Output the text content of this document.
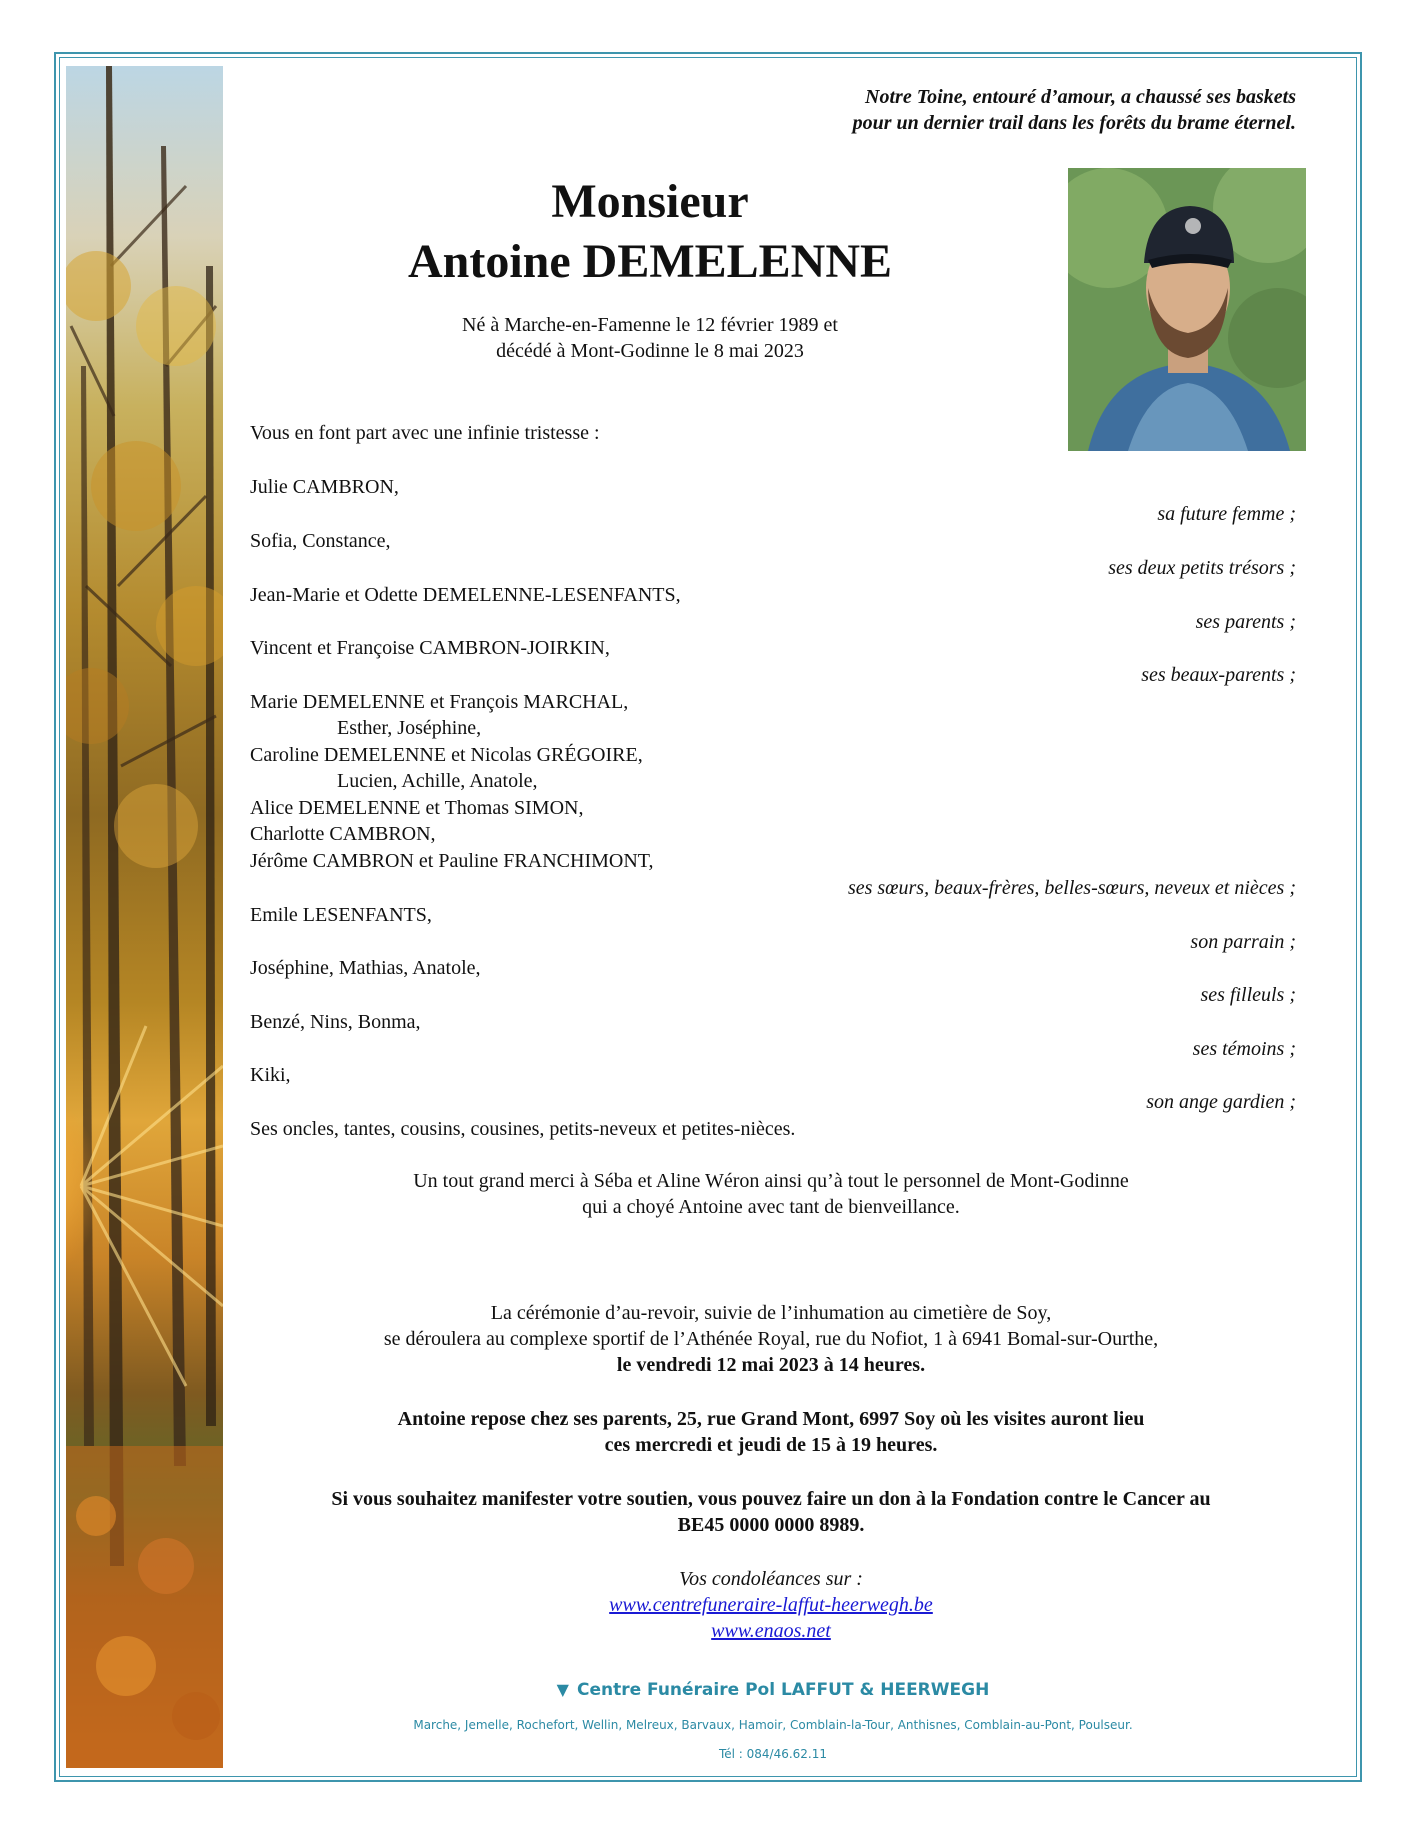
Notre Toine, entouré d’amour, a chaussé ses baskets
pour un dernier trail dans les forêts du brame éternel.
Monsieur
Antoine DEMELENNE
Né à Marche-en-Famenne le 12 février 1989 et
décédé à Mont-Godinne le 8 mai 2023
Vous en font part avec une infinie tristesse :
Julie CAMBRON,
sa future femme ;
Sofia, Constance,
ses deux petits trésors ;
Jean-Marie et Odette DEMELENNE-LESENFANTS,
ses parents ;
Vincent et Françoise CAMBRON-JOIRKIN,
ses beaux-parents ;
Marie DEMELENNE et François MARCHAL,
Esther, Joséphine,
Caroline DEMELENNE et Nicolas GRÉGOIRE,
Lucien, Achille, Anatole,
Alice DEMELENNE et Thomas SIMON,
Charlotte CAMBRON,
Jérôme CAMBRON et Pauline FRANCHIMONT,
ses sœurs, beaux-frères, belles-sœurs, neveux et nièces ;
Emile LESENFANTS,
son parrain ;
Joséphine, Mathias, Anatole,
ses filleuls ;
Benzé, Nins, Bonma,
ses témoins ;
Kiki,
son ange gardien ;
Ses oncles, tantes, cousins, cousines, petits-neveux et petites-nièces.
Un tout grand merci à Séba et Aline Wéron ainsi qu’à tout le personnel de Mont-Godinne
qui a choyé Antoine avec tant de bienveillance.
La cérémonie d’au-revoir, suivie de l’inhumation au cimetière de Soy,
se déroulera au complexe sportif de l’Athénée Royal, rue du Nofiot, 1 à 6941 Bomal-sur-Ourthe,
le vendredi 12 mai 2023 à 14 heures.
Antoine repose chez ses parents, 25, rue Grand Mont, 6997 Soy où les visites auront lieu
ces mercredi et jeudi de 15 à 19 heures.
Si vous souhaitez manifester votre soutien, vous pouvez faire un don à la Fondation contre le Cancer au
BE45 0000 0000 8989.
Vos condoléances sur :
www.centrefuneraire-laffut-heerwegh.be
www.enaos.net
▼ Centre Funéraire Pol LAFFUT & HEERWEGH
Marche, Jemelle, Rochefort, Wellin, Melreux, Barvaux, Hamoir, Comblain-la-Tour, Anthisnes, Comblain-au-Pont, Poulseur.
Tél : 084/46.62.11
